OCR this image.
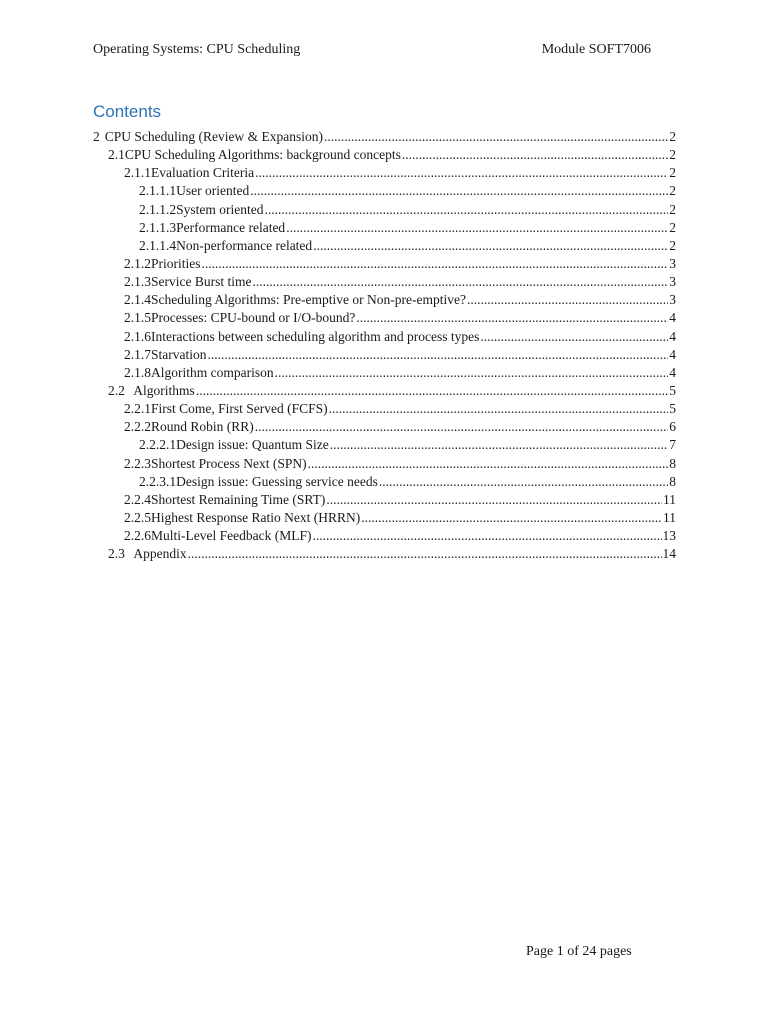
Operating Systems: CPU Scheduling	Module SOFT7006
Contents
2 CPU Scheduling (Review & Expansion) .....	2
2.1 CPU Scheduling Algorithms: background concepts .....	2
2.1.1 Evaluation Criteria .....	2
2.1.1.1 User oriented .....	2
2.1.1.2 System oriented .....	2
2.1.1.3 Performance related .....	2
2.1.1.4 Non-performance related .....	2
2.1.2 Priorities .....	3
2.1.3 Service Burst time .....	3
2.1.4 Scheduling Algorithms: Pre-emptive or Non-pre-emptive? .....	3
2.1.5 Processes: CPU-bound or I/O-bound? .....	4
2.1.6 Interactions between scheduling algorithm and process types .....	4
2.1.7 Starvation .....	4
2.1.8 Algorithm comparison .....	4
2.2 Algorithms .....	5
2.2.1 First Come, First Served (FCFS) .....	5
2.2.2 Round Robin (RR) .....	6
2.2.2.1 Design issue: Quantum Size .....	7
2.2.3 Shortest Process Next (SPN) .....	8
2.2.3.1 Design issue: Guessing service needs .....	8
2.2.4 Shortest Remaining Time (SRT) .....	11
2.2.5 Highest Response Ratio Next (HRRN) .....	11
2.2.6 Multi-Level Feedback (MLF) .....	13
2.3 Appendix .....	14
Page 1 of 24 pages
